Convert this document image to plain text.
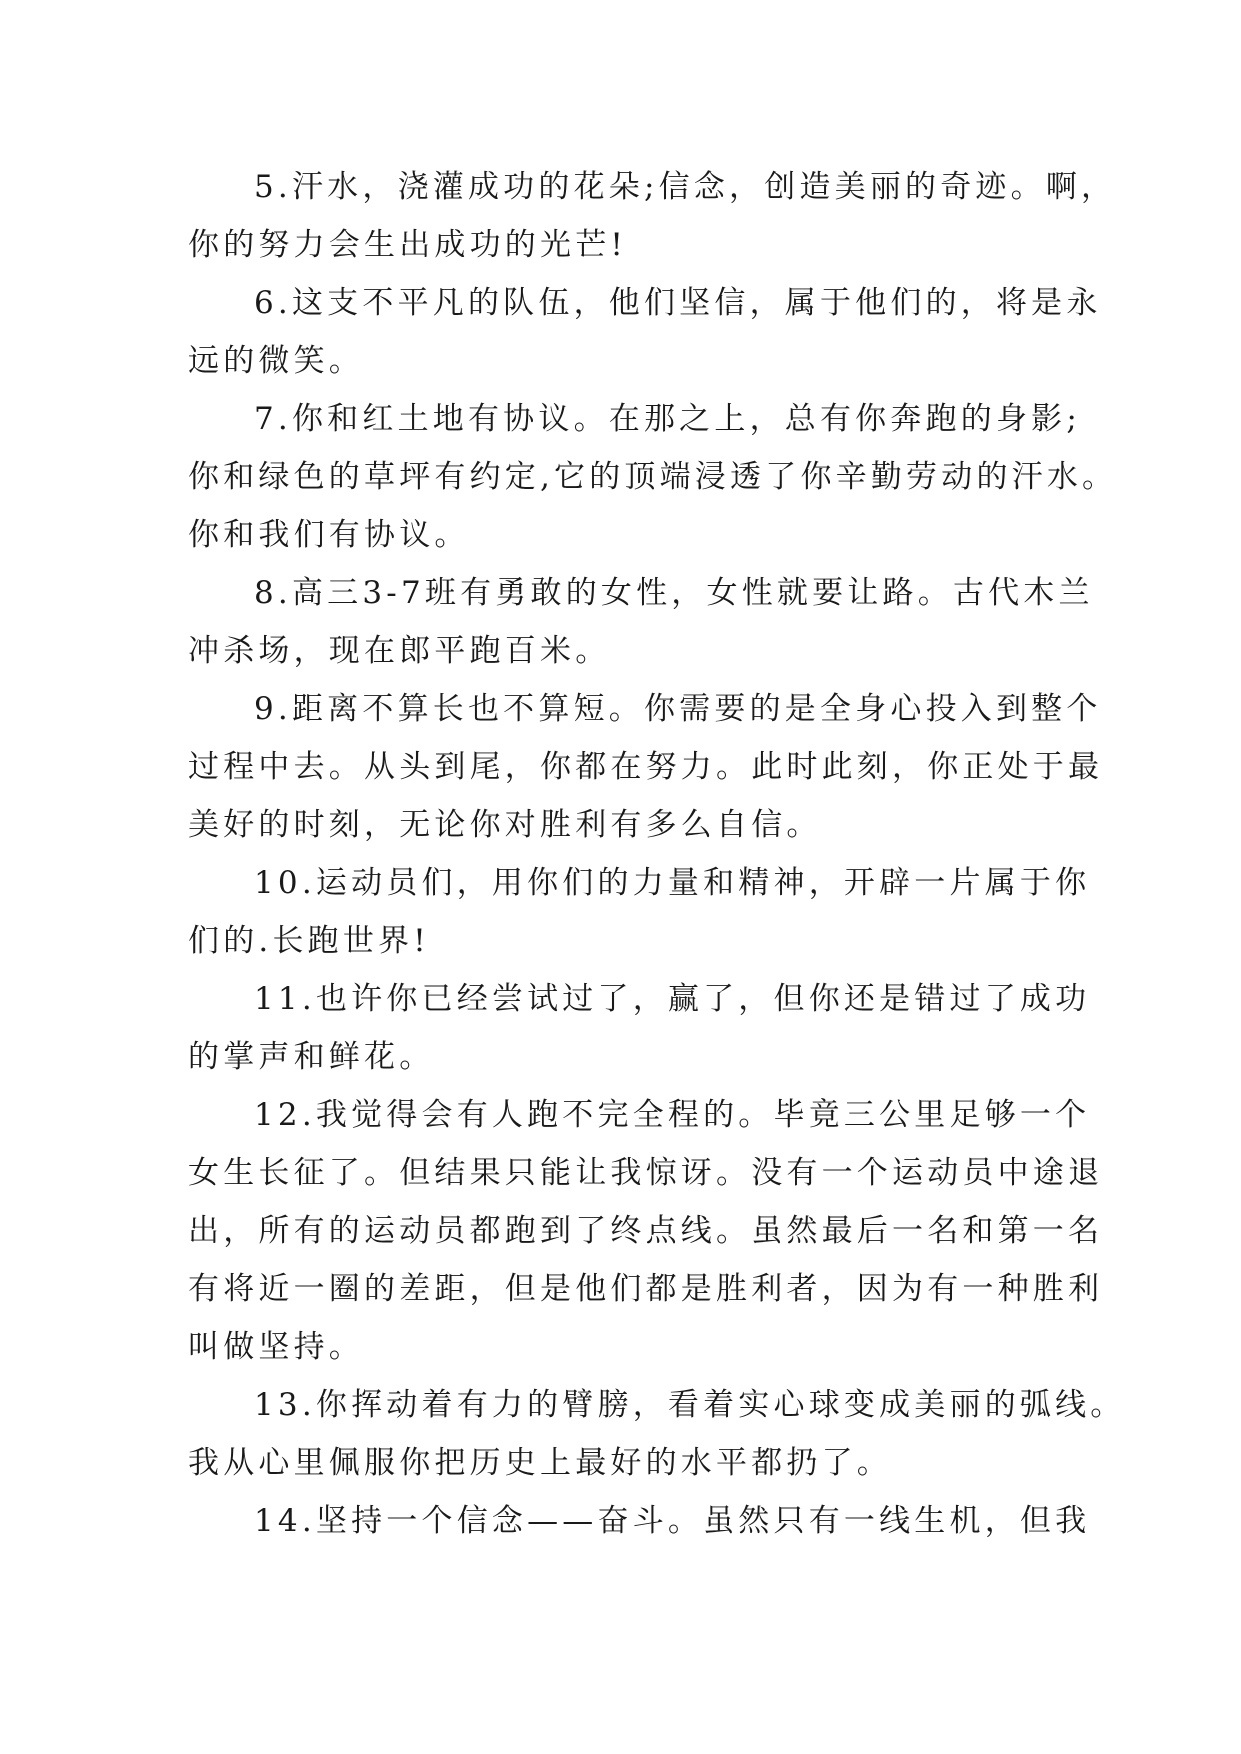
5.汗水，浇灌成功的花朵;信念，创造美丽的奇迹。啊，
你的努力会生出成功的光芒!
6.这支不平凡的队伍，他们坚信，属于他们的，将是永
远的微笑。
7.你和红土地有协议。在那之上，总有你奔跑的身影;
你和绿色的草坪有约定,它的顶端浸透了你辛勤劳动的汗水。
你和我们有协议。
8.高三3-7班有勇敢的女性，女性就要让路。古代木兰
冲杀场，现在郎平跑百米。
9.距离不算长也不算短。你需要的是全身心投入到整个
过程中去。从头到尾，你都在努力。此时此刻，你正处于最
美好的时刻，无论你对胜利有多么自信。
10.运动员们，用你们的力量和精神，开辟一片属于你
们的.长跑世界!
11.也许你已经尝试过了，赢了，但你还是错过了成功
的掌声和鲜花。
12.我觉得会有人跑不完全程的。毕竟三公里足够一个
女生长征了。但结果只能让我惊讶。没有一个运动员中途退
出，所有的运动员都跑到了终点线。虽然最后一名和第一名
有将近一圈的差距，但是他们都是胜利者，因为有一种胜利
叫做坚持。
13.你挥动着有力的臂膀，看着实心球变成美丽的弧线。
我从心里佩服你把历史上最好的水平都扔了。
14.坚持一个信念——奋斗。虽然只有一线生机，但我
